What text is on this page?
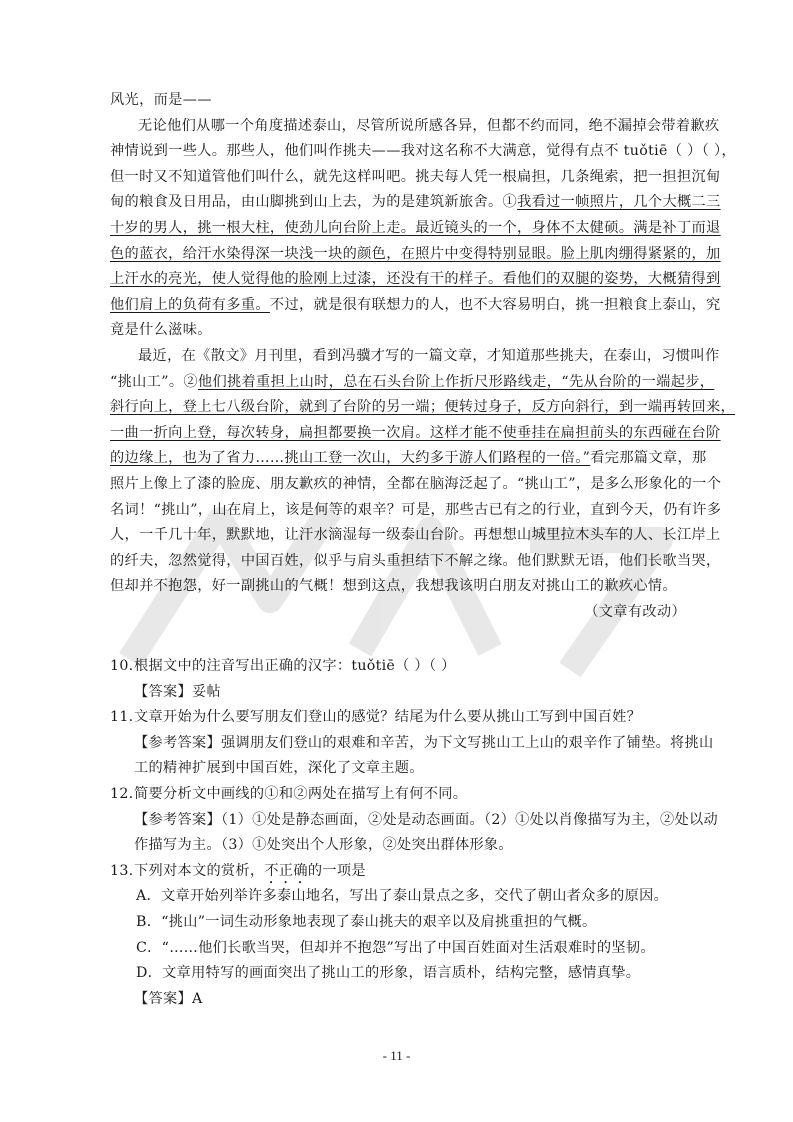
风光，而是——
无论他们从哪一个角度描述泰山，尽管所说所感各异，但都不约而同，绝不漏掉会带着歉疚
神情说到一些人。那些人，他们叫作挑夫——我对这名称不大满意，觉得有点不 tuǒtiē（ ）（ ），
但一时又不知道管他们叫什么，就先这样叫吧。挑夫每人凭一根扁担，几条绳索，把一担担沉甸
甸的粮食及日用品，由山脚挑到山上去，为的是建筑新旅舍。①我看过一帧照片，几个大概二三
十岁的男人，挑一根大柱，使劲儿向台阶上走。最近镜头的一个，身体不太健硕。满是补丁而退
色的蓝衣，给汗水染得深一块浅一块的颜色，在照片中变得特别显眼。脸上肌肉绷得紧紧的，加
上汗水的亮光，使人觉得他的脸刚上过漆，还没有干的样子。看他们的双腿的姿势，大概猜得到
他们肩上的负荷有多重。不过，就是很有联想力的人，也不大容易明白，挑一担粮食上泰山，究
竟是什么滋味。
最近，在《散文》月刊里，看到冯骥才写的一篇文章，才知道那些挑夫，在泰山，习惯叫作
“挑山工”。②他们挑着重担上山时，总在石头台阶上作折尺形路线走，“先从台阶的一端起步，
斜行向上，登上七八级台阶，就到了台阶的另一端；便转过身子，反方向斜行，到一端再转回来，
一曲一折向上登，每次转身，扁担都要换一次肩。这样才能不使垂挂在扁担前头的东西碰在台阶
的边缘上，也为了省力……挑山工登一次山，大约多于游人们路程的一倍。”看完那篇文章，那
照片上像上了漆的脸庞、朋友歉疚的神情，全都在脑海泛起了。“挑山工”，是多么形象化的一个
名词！“挑山”，山在肩上，该是何等的艰辛？可是，那些古已有之的行业，直到今天，仍有许多
人，一千几十年，默默地，让汗水滴湿每一级泰山台阶。再想想山城里拉木头车的人、长江岸上
的纤夫，忽然觉得，中国百姓，似乎与肩头重担结下不解之缘。他们默默无语，他们长歌当哭，
但却并不抱怨，好一副挑山的气概！想到这点，我想我该明白朋友对挑山工的歉疚心情。
（文章有改动）
10.根据文中的注音写出正确的汉字：tuǒtiē（ ）（ ）
【答案】妥帖
11.文章开始为什么要写朋友们登山的感觉？结尾为什么要从挑山工写到中国百姓？
【参考答案】强调朋友们登山的艰难和辛苦，为下文写挑山工上山的艰辛作了铺垫。将挑山
工的精神扩展到中国百姓，深化了文章主题。
12.简要分析文中画线的①和②两处在描写上有何不同。
【参考答案】（1）①处是静态画面，②处是动态画面。（2）①处以肖像描写为主，②处以动
作描写为主。（3）①处突出个人形象，②处突出群体形象。
13.下列对本文的赏析，不正确的一项是
A．文章开始列举许多泰山地名，写出了泰山景点之多，交代了朝山者众多的原因。
B．“挑山”一词生动形象地表现了泰山挑夫的艰辛以及肩挑重担的气概。
C．“……他们长歌当哭，但却并不抱怨”写出了中国百姓面对生活艰难时的坚韧。
D．文章用特写的画面突出了挑山工的形象，语言质朴，结构完整，感情真挚。
【答案】A
- 11 -
